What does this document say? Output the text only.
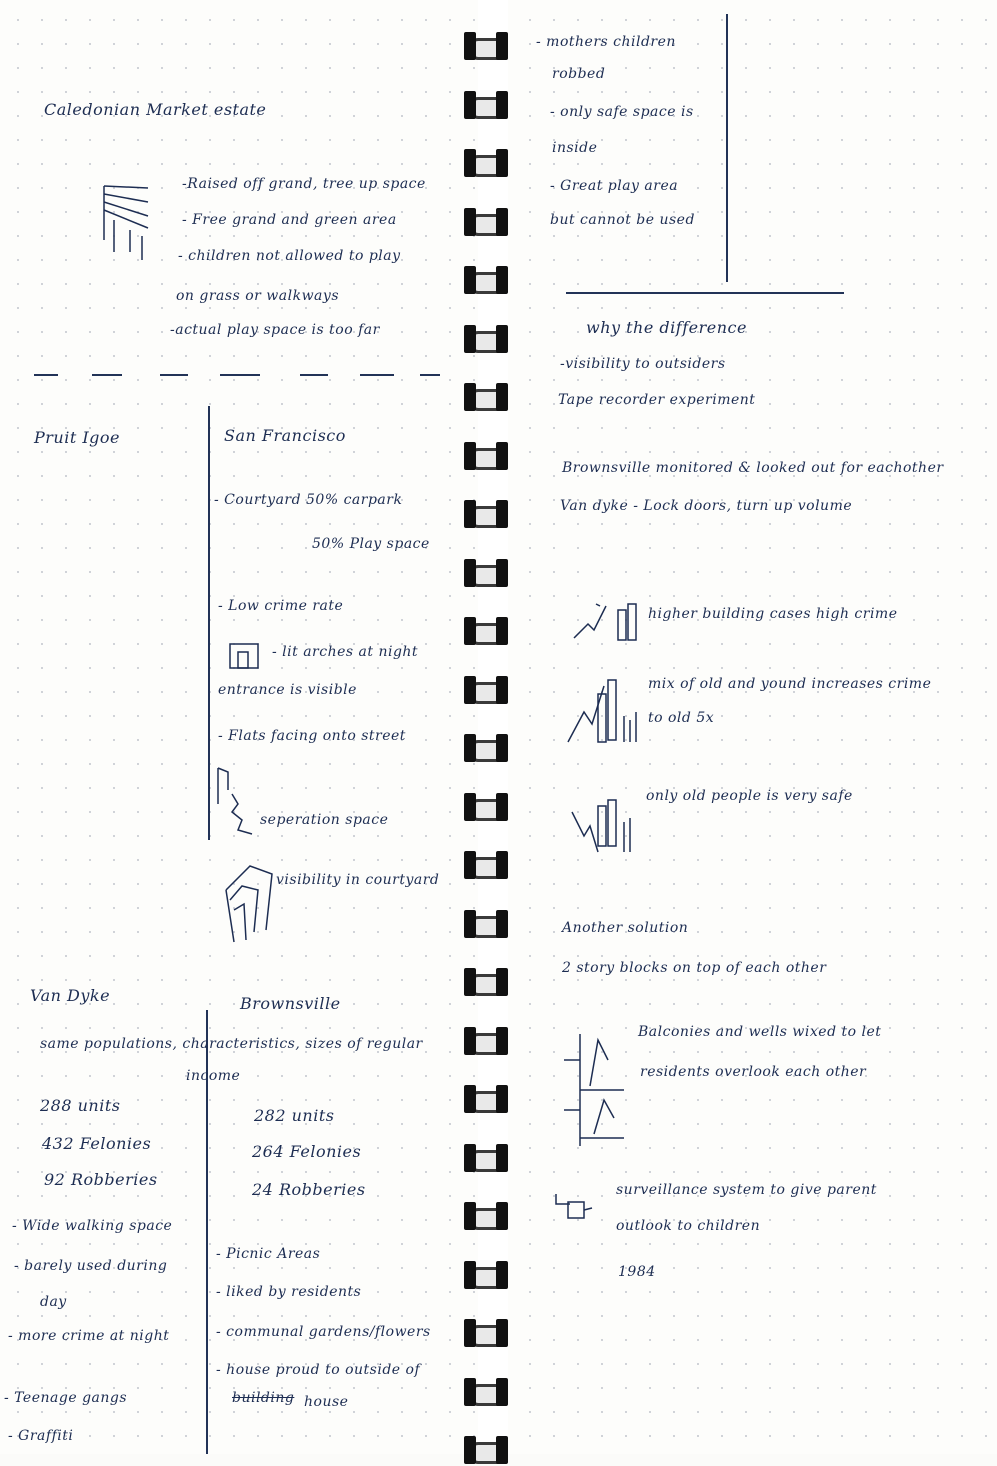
Caledonian Market estate
-Raised off grand, tree up space
- Free grand and green area
- children not allowed to play
on grass or walkways
-actual play space is too far
Pruit Igoe	San Francisco
- Courtyard 50% carpark
50% Play space
- Low crime rate
- lit arches at night
entrance is visible
- Flats facing onto street
seperation space
visibility in courtyard
Van Dyke	Brownsville
same populations, characteristics, sizes of regular
income
288 units
432 Felonies
92 Robberies
282 units
264 Felonies
24 Robberies
- Wide walking space
- barely used during
day
- more crime at night
- Teenage gangs
- Graffiti
- Picnic Areas
- liked by residents
- communal gardens/flowers
- house proud to outside of
building house
- mothers children
robbed
- only safe space is
inside
- Great play area
but cannot be used
why the difference
-visibility to outsiders
Tape recorder experiment
Brownsville monitored & looked out for eachother
Van dyke - Lock doors, turn up volume
higher building cases high crime
mix of old and yound increases crime
to old 5x
only old people is very safe
Another solution
2 story blocks on top of each other
Balconies and wells wixed to let
residents overlook each other
surveillance system to give parent
outlook to children
1984
